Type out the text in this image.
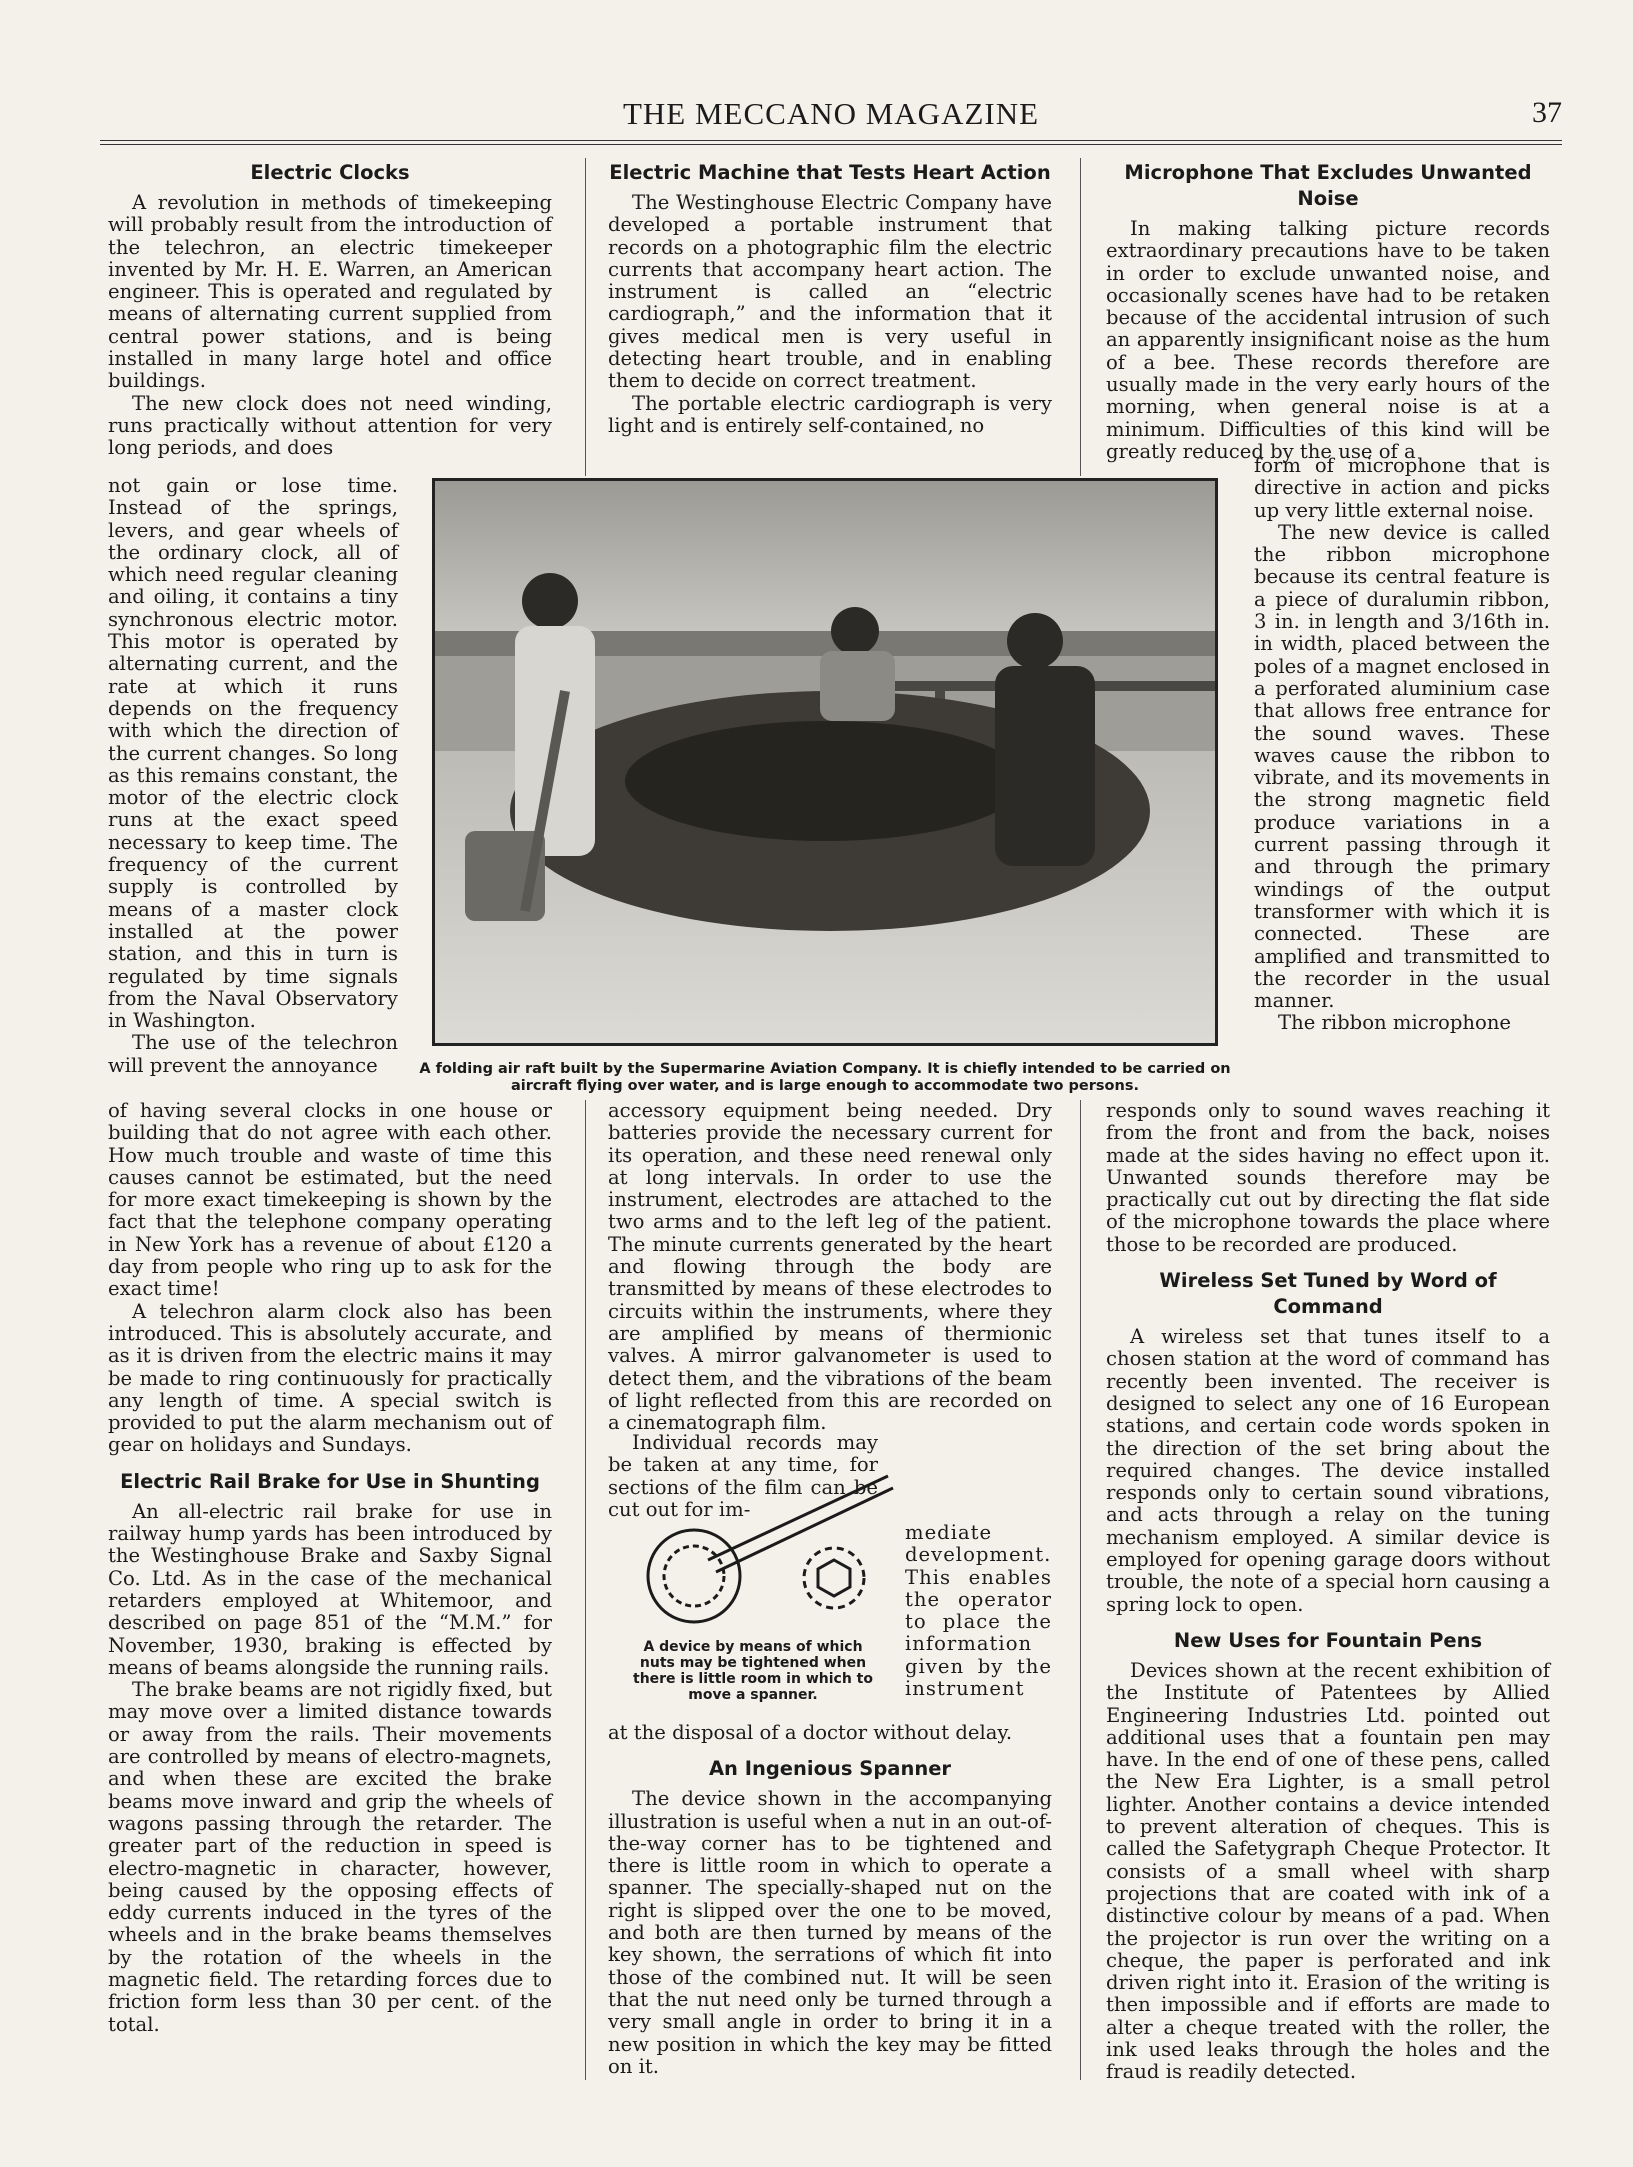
THE MECCANO MAGAZINE	37
Electric Clocks

A revolution in methods of timekeeping will probably result from the introduction of the telechron, an electric timekeeper invented by Mr. H. E. Warren, an American engineer. This is operated and regulated by means of alternating current supplied from central power stations, and is being installed in many large hotel and office buildings.

The new clock does not need winding, runs practically without attention for very long periods, and does

not gain or lose time. Instead of the springs, levers, and gear wheels of the ordinary clock, all of which need regular cleaning and oiling, it contains a tiny synchronous electric motor. This motor is operated by alternating current, and the rate at which it runs depends on the frequency with which the direction of the current changes. So long as this remains constant, the motor of the electric clock runs at the exact speed necessary to keep time. The frequency of the current supply is controlled by means of a master clock installed at the power station, and this in turn is regulated by time signals from the Naval Observatory in Washington.

The use of the telechron will prevent the annoyance

of having several clocks in one house or building that do not agree with each other. How much trouble and waste of time this causes cannot be estimated, but the need for more exact timekeeping is shown by the fact that the telephone company operating in New York has a revenue of about £120 a day from people who ring up to ask for the exact time!

A telechron alarm clock also has been introduced. This is absolutely accurate, and as it is driven from the electric mains it may be made to ring continuously for practically any length of time. A special switch is provided to put the alarm mechanism out of gear on holidays and Sundays.

Electric Rail Brake for Use in Shunting

An all-electric rail brake for use in railway hump yards has been introduced by the Westinghouse Brake and Saxby Signal Co. Ltd. As in the case of the mechanical retarders employed at Whitemoor, and described on page 851 of the “M.M.” for November, 1930, braking is effected by means of beams alongside the running rails.

The brake beams are not rigidly fixed, but may move over a limited distance towards or away from the rails. Their movements are controlled by means of electro-magnets, and when these are excited the brake beams move inward and grip the wheels of wagons passing through the retarder. The greater part of the reduction in speed is electro-magnetic in character, however, being caused by the opposing effects of eddy currents induced in the tyres of the wheels and in the brake beams themselves by the rotation of the wheels in the magnetic field. The retarding forces due to friction form less than 30 per cent. of the total.

Electric Machine that Tests Heart Action

The Westinghouse Electric Company have developed a portable instrument that records on a photographic film the electric currents that accompany heart action. The instrument is called an “electric cardiograph,” and the information that it gives medical men is very useful in detecting heart trouble, and in enabling them to decide on correct treatment.

The portable electric cardiograph is very light and is entirely self-contained, no

accessory equipment being needed. Dry batteries provide the necessary current for its operation, and these need renewal only at long intervals. In order to use the instrument, electrodes are attached to the two arms and to the left leg of the patient. The minute currents generated by the heart and flowing through the body are transmitted by means of these electrodes to circuits within the instruments, where they are amplified by means of thermionic valves. A mirror galvanometer is used to detect them, and the vibrations of the beam of light reflected from this are recorded on a cinematograph film.

Individual records may be taken at any time, for sections of the film can be cut out for im-

mediate development. This enables the operator to place the information given by the instrument

at the disposal of a doctor without delay.

An Ingenious Spanner

The device shown in the accompanying illustration is useful when a nut in an out-of-the-way corner has to be tightened and there is little room in which to operate a spanner. The specially-shaped nut on the right is slipped over the one to be moved, and both are then turned by means of the key shown, the serrations of which fit into those of the combined nut. It will be seen that the nut need only be turned through a very small angle in order to bring it in a new position in which the key may be fitted on it.

A device by means of which nuts may be tightened when there is little room in which to move a spanner.
Microphone That Excludes Unwanted Noise

In making talking picture records extraordinary precautions have to be taken in order to exclude unwanted noise, and occasionally scenes have had to be retaken because of the accidental intrusion of such an apparently insignificant noise as the hum of a bee. These records therefore are usually made in the very early hours of the morning, when general noise is at a minimum. Difficulties of this kind will be greatly reduced by the use of a

form of microphone that is directive in action and picks up very little external noise.

The new device is called the ribbon microphone because its central feature is a piece of duralumin ribbon, 3 in. in length and 3/16th in. in width, placed between the poles of a magnet enclosed in a perforated aluminium case that allows free entrance for the sound waves. These waves cause the ribbon to vibrate, and its movements in the strong magnetic field produce variations in a current passing through it and through the primary windings of the output transformer with which it is connected. These are amplified and transmitted to the recorder in the usual manner.

The ribbon microphone

responds only to sound waves reaching it from the front and from the back, noises made at the sides having no effect upon it. Unwanted sounds therefore may be practically cut out by directing the flat side of the microphone towards the place where those to be recorded are produced.

Wireless Set Tuned by Word of Command

A wireless set that tunes itself to a chosen station at the word of command has recently been invented. The receiver is designed to select any one of 16 European stations, and certain code words spoken in the direction of the set bring about the required changes. The device installed responds only to certain sound vibrations, and acts through a relay on the tuning mechanism employed. A similar device is employed for opening garage doors without trouble, the note of a special horn causing a spring lock to open.

New Uses for Fountain Pens

Devices shown at the recent exhibition of the Institute of Patentees by Allied Engineering Industries Ltd. pointed out additional uses that a fountain pen may have. In the end of one of these pens, called the New Era Lighter, is a small petrol lighter. Another contains a device intended to prevent alteration of cheques. This is called the Safetygraph Cheque Protector. It consists of a small wheel with sharp projections that are coated with ink of a distinctive colour by means of a pad. When the projector is run over the writing on a cheque, the paper is perforated and ink driven right into it. Erasion of the writing is then impossible and if efforts are made to alter a cheque treated with the roller, the ink used leaks through the holes and the fraud is readily detected.

A folding air raft built by the Supermarine Aviation Company. It is chiefly intended to be carried on aircraft flying over water, and is large enough to accommodate two persons.
